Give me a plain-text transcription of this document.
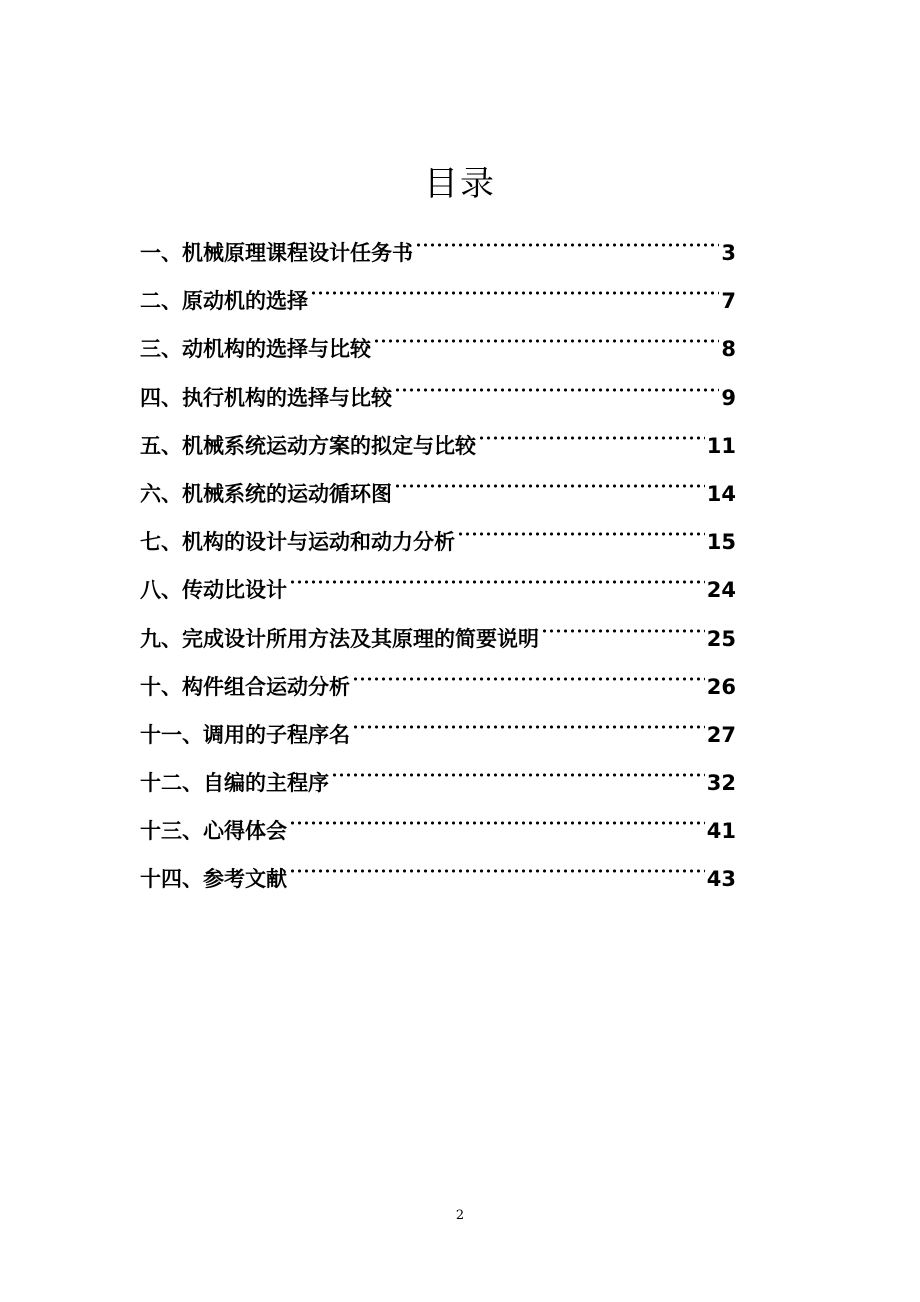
目录
一、机械原理课程设计任务书	3
二、原动机的选择	7
三、动机构的选择与比较	8
四、执行机构的选择与比较	9
五、机械系统运动方案的拟定与比较	11
六、机械系统的运动循环图	14
七、机构的设计与运动和动力分析	15
八、传动比设计	24
九、完成设计所用方法及其原理的简要说明	25
十、构件组合运动分析	26
十一、调用的子程序名	27
十二、自编的主程序	32
十三、心得体会	41
十四、参考文献	43
2
